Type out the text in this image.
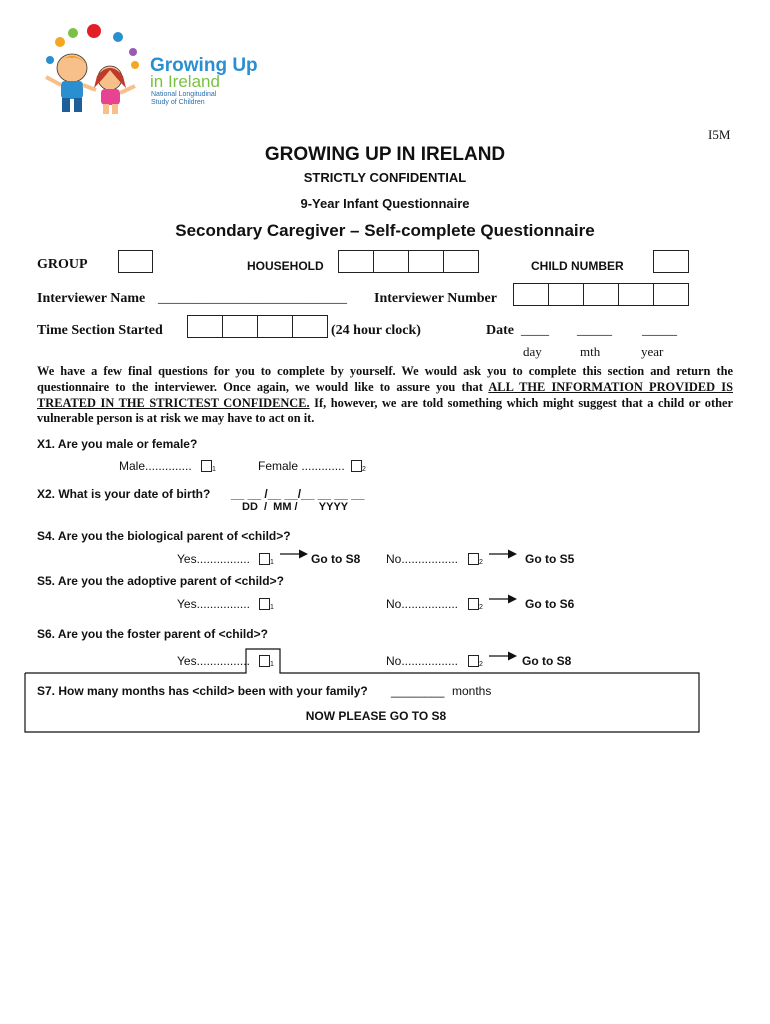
Growing Up
in Ireland
National Longitudinal
Study of Children
I5M
GROWING UP IN IRELAND
STRICTLY CONFIDENTIAL
9-Year Infant Questionnaire
Secondary Caregiver – Self-complete Questionnaire
GROUP	HOUSEHOLD	CHILD NUMBER
Interviewer Name ___________________________ Interviewer Number
Time Section Started	(24 hour clock)	Date ____ _____ _____
day	mth	year
We have a few final questions for you to complete by yourself. We would ask you to complete this section and return the questionnaire to the interviewer. Once again, we would like to assure you that ALL THE INFORMATION PROVIDED IS TREATED IN THE STRICTEST CONFIDENCE. If, however, we are told something which might suggest that a child or other vulnerable person is at risk we may have to act on it.
X1. Are you male or female?
Male..............	1	Female ............. 2
X2. What is your date of birth? __ __ /__ __/__ __ __ __
DD  /  MM /       YYYY
S4. Are you the biological parent of <child>?
Yes................	1	Go to S8 No.................	2	Go to S5
S5. Are you the adoptive parent of <child>?
Yes................	1	No.................	2	Go to S6
S6. Are you the foster parent of <child>?
Yes................	1	No.................	2	Go to S8
S7. How many months has <child> been with your family? ________ months
NOW PLEASE GO TO S8
